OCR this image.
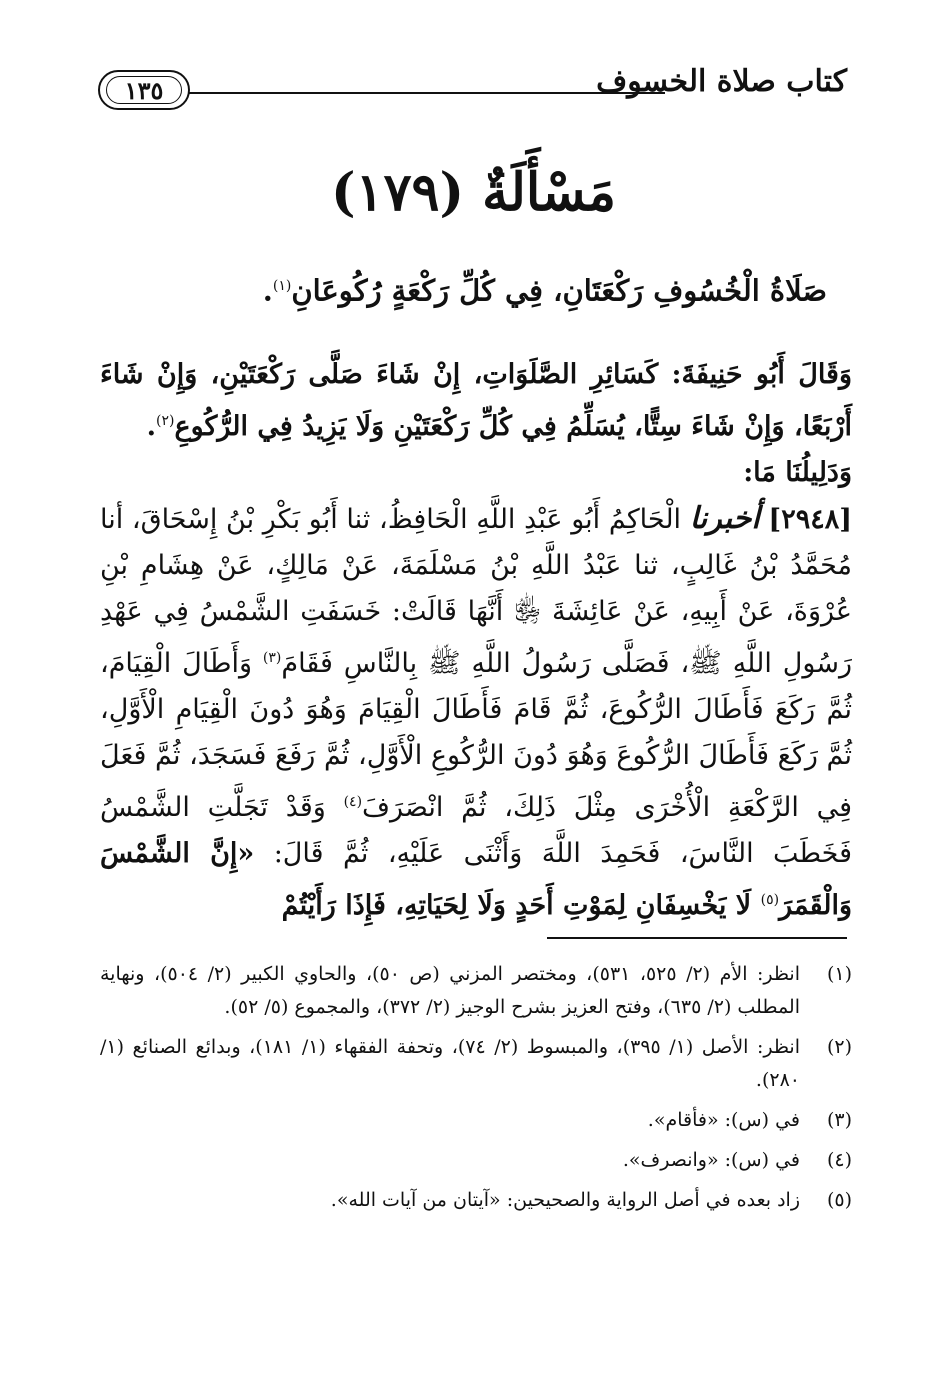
كتاب صلاة الخسوف
١٣٥
مَسْأَلَةٌ (١٧٩)
صَلَاةُ الْخُسُوفِ رَكْعَتَانِ، فِي كُلِّ رَكْعَةٍ رُكُوعَانِ$^{(١)}$.

وَقَالَ أَبُو حَنِيفَةَ: كَسَائِرِ الصَّلَوَاتِ، إِنْ شَاءَ صَلَّى رَكْعَتَيْنِ، وَإِنْ شَاءَ أَرْبَعًا، وَإِنْ شَاءَ سِتًّا، يُسَلِّمُ فِي كُلِّ رَكْعَتَيْنِ وَلَا يَزِيدُ فِي الرُّكُوعِ$^{(٢)}$.

وَدَلِيلُنَا مَا:

[٢٩٤٨] أخبرنا الْحَاكِمُ أَبُو عَبْدِ اللَّهِ الْحَافِظُ، ثنا أَبُو بَكْرِ بْنُ إِسْحَاقَ، أنا مُحَمَّدُ بْنُ غَالِبٍ، ثنا عَبْدُ اللَّهِ بْنُ مَسْلَمَةَ، عَنْ مَالِكٍ، عَنْ هِشَامِ بْنِ عُرْوَةَ، عَنْ أَبِيهِ، عَنْ عَائِشَةَ ﵂ أَنَّهَا قَالَتْ: خَسَفَتِ الشَّمْسُ فِي عَهْدِ رَسُولِ اللَّهِ ﷺ، فَصَلَّى رَسُولُ اللَّهِ ﷺ بِالنَّاسِ فَقَامَ$^{(٣)}$ وَأَطَالَ الْقِيَامَ، ثُمَّ رَكَعَ فَأَطَالَ الرُّكُوعَ، ثُمَّ قَامَ فَأَطَالَ الْقِيَامَ وَهُوَ دُونَ الْقِيَامِ الْأَوَّلِ، ثُمَّ رَكَعَ فَأَطَالَ الرُّكُوعَ وَهُوَ دُونَ الرُّكُوعِ الْأَوَّلِ، ثُمَّ رَفَعَ فَسَجَدَ، ثُمَّ فَعَلَ فِي الرَّكْعَةِ الْأُخْرَى مِثْلَ ذَلِكَ، ثُمَّ انْصَرَفَ$^{(٤)}$ وَقَدْ تَجَلَّتِ الشَّمْسُ فَخَطَبَ النَّاسَ، فَحَمِدَ اللَّهَ وَأَثْنَى عَلَيْهِ، ثُمَّ قَالَ: «إِنَّ الشَّمْسَ وَالْقَمَرَ$^{(٥)}$ لَا يَخْسِفَانِ لِمَوْتِ أَحَدٍ وَلَا لِحَيَاتِهِ، فَإِذَا رَأَيْتُمْ

(١)
انظر: الأم (٢/ ٥٢٥، ٥٣١)، ومختصر المزني (ص ٥٠)، والحاوي الكبير (٢/ ٥٠٤)، ونهاية المطلب (٢/ ٦٣٥)، وفتح العزيز بشرح الوجيز (٢/ ٣٧٢)، والمجموع (٥/ ٥٢).
(٢)
انظر: الأصل (١/ ٣٩٥)، والمبسوط (٢/ ٧٤)، وتحفة الفقهاء (١/ ١٨١)، وبدائع الصنائع (١/ ٢٨٠).
(٣)
في (س): «فأقام».
(٤)
في (س): «وانصرف».
(٥)
زاد بعده في أصل الرواية والصحيحين: «آيتان من آيات الله».
